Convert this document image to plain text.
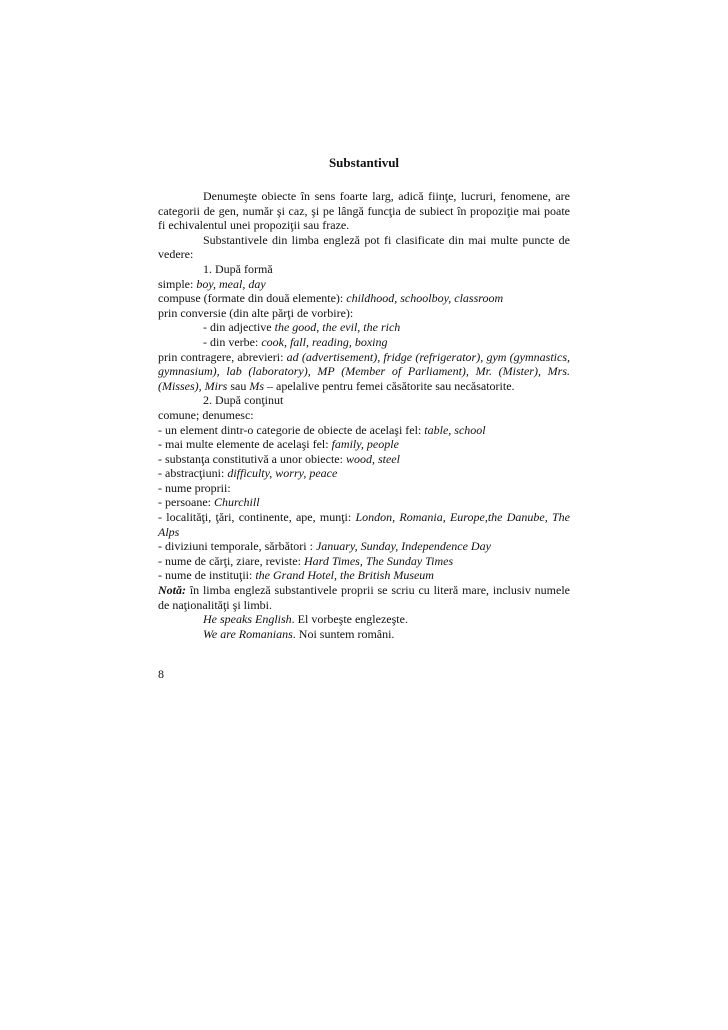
Substantivul
Denumeşte obiecte în sens foarte larg, adică fiinţe, lucruri, fenomene, are categorii de gen, număr şi caz, şi pe lângă funcţia de subiect în propoziţie mai poate fi echivalentul unei propoziţii sau fraze.
Substantivele din limba engleză pot fi clasificate din mai multe puncte de vedere:
1. După formă
simple: boy, meal, day
compuse (formate din două elemente): childhood, schoolboy, classroom
prin conversie (din alte părţi de vorbire):
- din adjective the good, the evil, the rich
- din verbe: cook, fall, reading, boxing
prin contragere, abrevieri: ad (advertisement), fridge (refrigerator), gym (gymnastics, gymnasium), lab (laboratory), MP (Member of Parliament), Mr. (Mister), Mrs. (Misses), Mirs sau Ms – apelalive pentru femei căsătorite sau necăsatorite.
2. După conţinut
comune; denumesc:
- un element dintr-o categorie de obiecte de acelaşi fel: table, school
- mai multe elemente de acelaşi fel: family, people
- substanţa constitutivă a unor obiecte: wood, steel
- abstracţiuni: difficulty, worry, peace
- nume proprii:
- persoane: Churchill
- localităţi, ţări, continente, ape, munţi: London, Romania, Europe,the Danube, The Alps
- diviziuni temporale, sărbători : January, Sunday, Independence Day
- nume de cărţi, ziare, reviste: Hard Times, The Sunday Times
- nume de instituţii: the Grand Hotel, the British Museum
Notă: în limba engleză substantivele proprii se scriu cu literă mare, inclusiv numele de naţionalităţi şi limbi.
He speaks English. El vorbeşte englezeşte.
We are Romanians. Noi suntem români.
8
